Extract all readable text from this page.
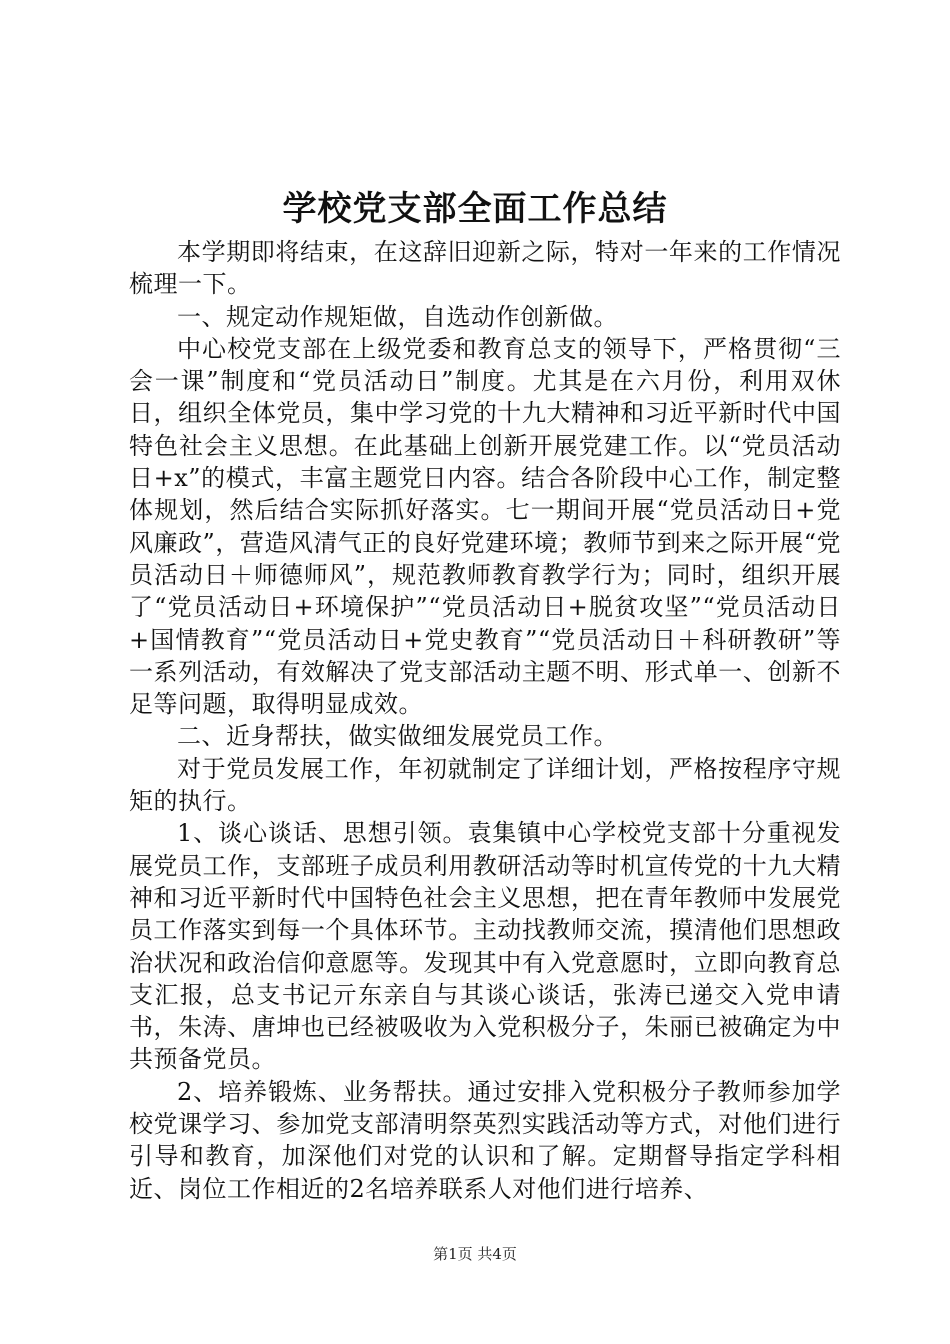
学校党支部全面工作总结

本学期即将结束，在这辞旧迎新之际，特对一年来的工作情况梳理一下。

一、规定动作规矩做，自选动作创新做。

中心校党支部在上级党委和教育总支的领导下，严格贯彻“三会一课”制度和“党员活动日”制度。尤其是在六月份，利用双休日，组织全体党员，集中学习党的十九大精神和习近平新时代中国特色社会主义思想。在此基础上创新开展党建工作。以“党员活动日+x”的模式，丰富主题党日内容。结合各阶段中心工作，制定整体规划，然后结合实际抓好落实。七一期间开展“党员活动日+党风廉政”，营造风清气正的良好党建环境；教师节到来之际开展“党员活动日＋师德师风”，规范教师教育教学行为；同时，组织开展了“党员活动日+环境保护”“党员活动日+脱贫攻坚”“党员活动日+国情教育”“党员活动日+党史教育”“党员活动日＋科研教研”等一系列活动，有效解决了党支部活动主题不明、形式单一、创新不足等问题，取得明显成效。

二、近身帮扶，做实做细发展党员工作。

对于党员发展工作，年初就制定了详细计划，严格按程序守规矩的执行。

1、谈心谈话、思想引领。袁集镇中心学校党支部十分重视发展党员工作，支部班子成员利用教研活动等时机宣传党的十九大精神和习近平新时代中国特色社会主义思想，把在青年教师中发展党员工作落实到每一个具体环节。主动找教师交流，摸清他们思想政治状况和政治信仰意愿等。发现其中有入党意愿时，立即向教育总支汇报，总支书记亓东亲自与其谈心谈话，张涛已递交入党申请书，朱涛、唐坤也已经被吸收为入党积极分子，朱丽已被确定为中共预备党员。

2、培养锻炼、业务帮扶。通过安排入党积极分子教师参加学校党课学习、参加党支部清明祭英烈实践活动等方式，对他们进行引导和教育，加深他们对党的认识和了解。定期督导指定学科相近、岗位工作相近的2名培养联系人对他们进行培养、

第1页 共4页
